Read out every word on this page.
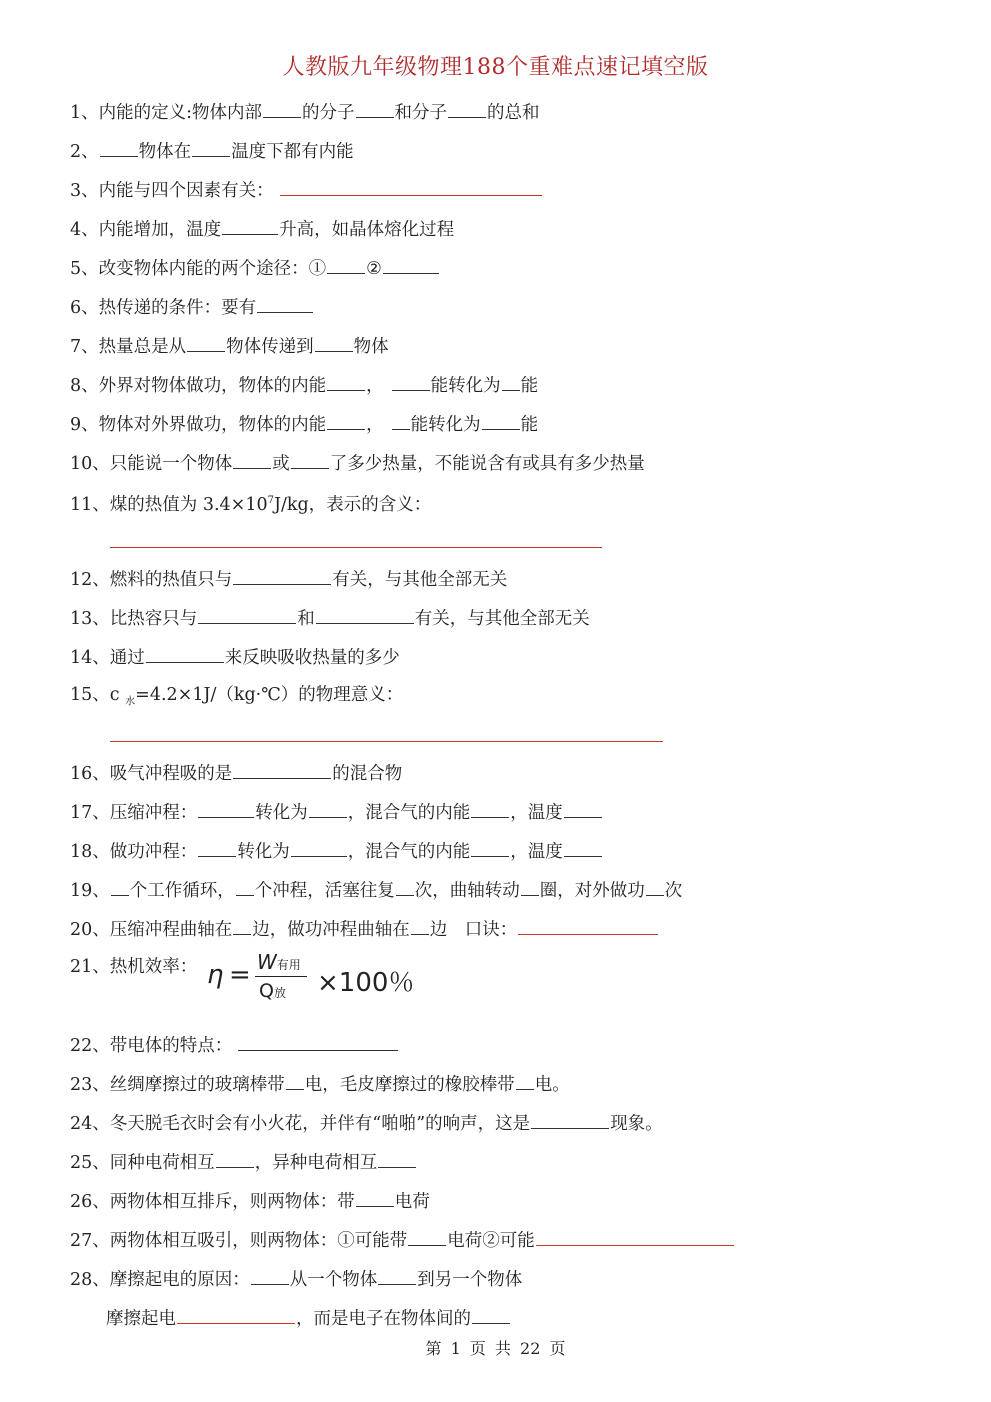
人教版九年级物理188个重难点速记填空版
1、内能的定义:物体内部 的分子 和分子 的总和
2、 物体在 温度下都有内能
3、内能与四个因素有关：
4、内能增加，温度	升高，如晶体熔化过程
5、改变物体内能的两个途径：① ②
6、热传递的条件：要有
7、热量总是从 物体传递到 物体
8、外界对物体做功，物体的内能 ，	能转化为 能
9、物体对外界做功，物体的内能 ， 能转化为 能
10、只能说一个物体 或 了多少热量，不能说含有或具有多少热量
11、煤的热值为 $3.4\times 10^7J/kg$，表示的含义：
12、燃料的热值只与	有关，与其他全部无关
13、比热容只与	和	有关，与其他全部无关
14、通过	来反映吸收热量的多少
15、c $_水$=4.2×1J/（kg·℃）的物理意义：
16、吸气冲程吸的是	的混合物
17、压缩冲程：	转化为 ，混合气的内能 ，温度
18、做功冲程： 转化为	，混合气的内能 ，温度
19、 个工作循环， 个冲程，活塞往复 次，曲轴转动 圈，对外做功 次
20、压缩冲程曲轴在 边，做功冲程曲轴在 边　口诀：
21、热机效率： η = W有用
Q放 ×100％
22、带电体的特点：
23、丝绸摩擦过的玻璃棒带 电，毛皮摩擦过的橡胶棒带 电。
24、冬天脱毛衣时会有小火花，并伴有“啪啪”的响声，这是	现象。
25、同种电荷相互 ，异种电荷相互
26、两物体相互排斥，则两物体：带 电荷
27、两物体相互吸引，则两物体：①可能带 电荷②可能
28、摩擦起电的原因： 从一个物体 到另一个物体
摩擦起电	，而是电子在物体间的
第 1 页 共 22 页
